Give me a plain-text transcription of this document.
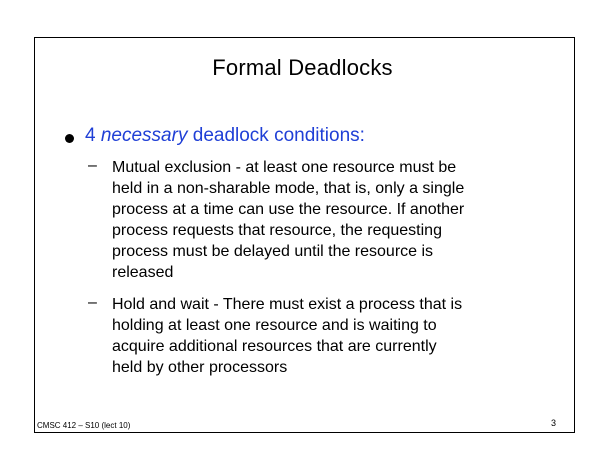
Formal Deadlocks
4 necessary deadlock conditions:
– Mutual exclusion - at least one resource must be
held in a non-sharable mode, that is, only a single
process at a time can use the resource. If another
process requests that resource, the requesting
process must be delayed until the resource is
released
– Hold and wait - There must exist a process that is
holding at least one resource and is waiting to
acquire additional resources that are currently
held by other processors
CMSC 412 – S10 (lect 10)	3
